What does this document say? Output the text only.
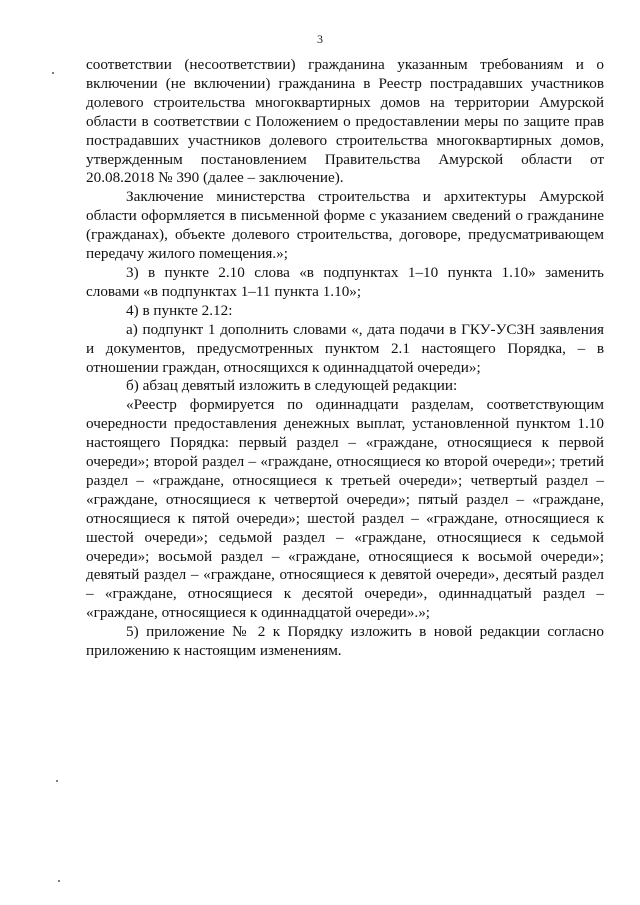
3

соответствии (несоответствии) гражданина указанным требованиям и о включении (не включении) гражданина в Реестр пострадавших участников долевого строительства многоквартирных домов на территории Амурской области в соответствии с Положением о предоставлении меры по защите прав пострадавших участников долевого строительства многоквартирных домов, утвержденным постановлением Правительства Амурской области от 20.08.2018 № 390 (далее – заключение).

Заключение министерства строительства и архитектуры Амурской области оформляется в письменной форме с указанием сведений о гражданине (гражданах), объекте долевого строительства, договоре, предусматривающем передачу жилого помещения.»;

3) в пункте 2.10 слова «в подпунктах 1–10 пункта 1.10» заменить словами «в подпунктах 1–11 пункта 1.10»;

4) в пункте 2.12:

а) подпункт 1 дополнить словами «, дата подачи в ГКУ-УСЗН заявления и документов, предусмотренных пунктом 2.1 настоящего Порядка, – в отношении граждан, относящихся к одиннадцатой очереди»;

б) абзац девятый изложить в следующей редакции:

«Реестр формируется по одиннадцати разделам, соответствующим очередности предоставления денежных выплат, установленной пунктом 1.10 настоящего Порядка: первый раздел – «граждане, относящиеся к первой очереди»; второй раздел – «граждане, относящиеся ко второй очереди»; третий раздел – «граждане, относящиеся к третьей очереди»; четвертый раздел – «граждане, относящиеся к четвертой очереди»; пятый раздел – «граждане, относящиеся к пятой очереди»; шестой раздел – «граждане, относящиеся к шестой очереди»; седьмой раздел – «граждане, относящиеся к седьмой очереди»; восьмой раздел – «граждане, относящиеся к восьмой очереди»; девятый раздел – «граждане, относящиеся к девятой очереди», десятый раздел – «граждане, относящиеся к десятой очереди», одиннадцатый раздел – «граждане, относящиеся к одиннадцатой очереди».»;

5) приложение № 2 к Порядку изложить в новой редакции согласно приложению к настоящим изменениям.
